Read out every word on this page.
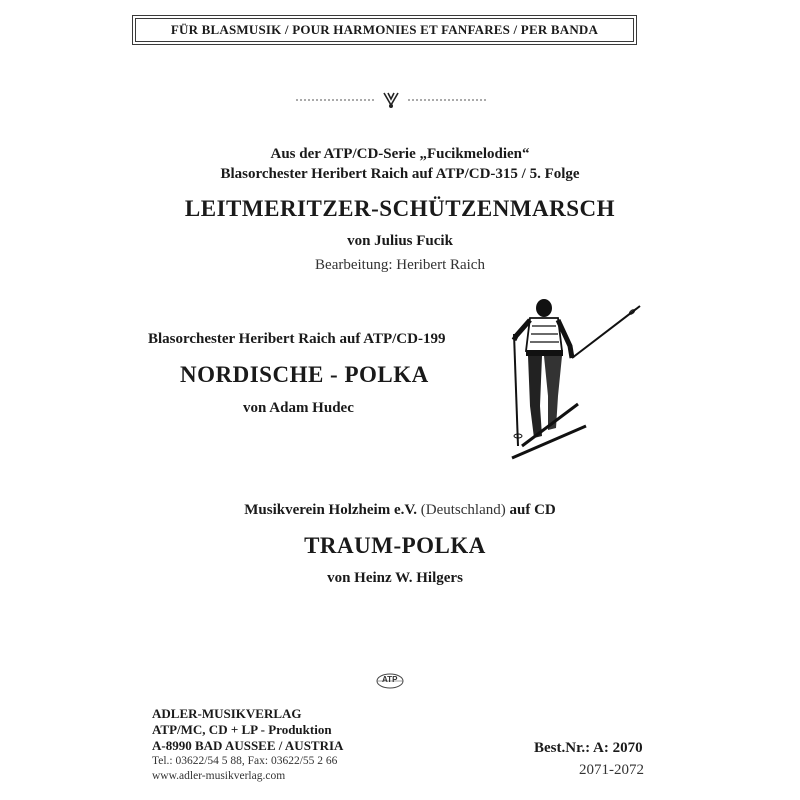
FÜR BLASMUSIK / POUR HARMONIES ET FANFARES / PER BANDA
Aus der ATP/CD-Serie „Fucikmelodien“
Blasorchester Heribert Raich auf ATP/CD-315 / 5. Folge
LEITMERITZER-SCHÜTZENMARSCH
von Julius Fucik
Bearbeitung: Heribert Raich
Blasorchester Heribert Raich auf ATP/CD-199
NORDISCHE - POLKA
von Adam Hudec
Musikverein Holzheim e.V. (Deutschland) auf CD
TRAUM-POLKA
von Heinz W. Hilgers
ATP
ADLER-MUSIKVERLAG
ATP/MC, CD + LP - Produktion
A-8990 BAD AUSSEE / AUSTRIA
Tel.: 03622/54 5 88, Fax: 03622/55 2 66
www.adler-musikverlag.com
Best.Nr.: A: 2070
2071-2072
